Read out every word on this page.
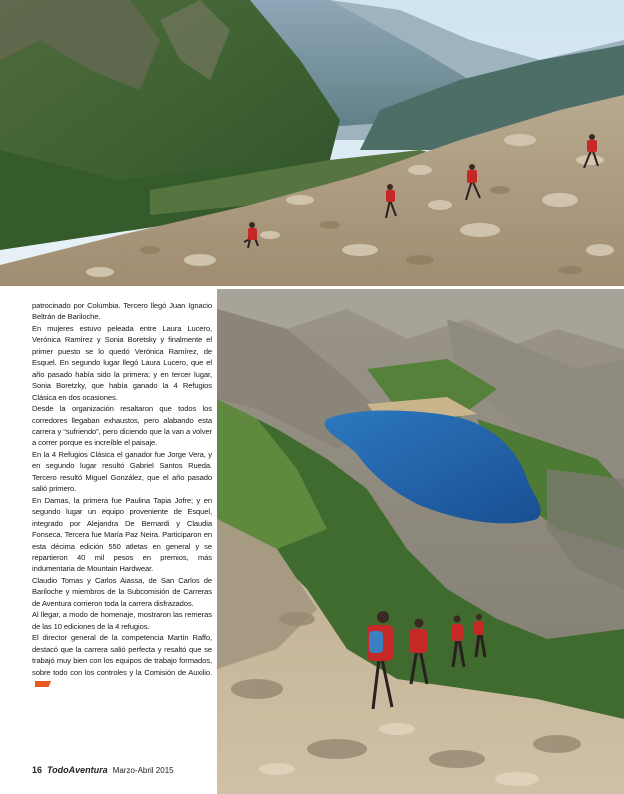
patrocinado por Columbia. Tercero llegó Juan Ignacio Beltrán de Bariloche.

En mujeres estuvo peleada entre Laura Lucero, Verónica Ramírez y Sonia Boretsky y finalmente el primer puesto se lo quedó Verónica Ramírez, de Esquel. En segundo lugar llegó Laura Lucero, que el año pasado había sido la primera; y en tercer lugar, Sonia Boretzky, que había ganado la 4 Refugios Clásica en dos ocasiones.

Desde la organización resaltaron que todos los corredores llegaban exhaustos, pero alabando esta carrera y “sufriendo”, pero diciendo que la van a volver a correr porque es increíble el paisaje.

En la 4 Refugios Clásica el ganador fue Jorge Vera, y en segundo lugar resultó Gabriel Santos Rueda. Tercero resultó Miguel González, que el año pasado salió primero.

En Damas, la primera fue Paulina Tapia Jofre; y en segundo lugar un equipo proveniente de Esquel, integrado por Alejandra De Bernardi y Claudia Fonseca. Tercera fue María Paz Neira. Participaron en esta décima edición 550 atletas en general y se repartieron 40 mil pesos en premios, más indumentaria de Mountain Hardwear.

Claudio Tomas y Carlos Aiassa, de San Carlos de Bariloche y miembros de la Subcomisión de Carreras de Aventura corrieron toda la carrera disfrazados.

Al llegar, a modo de homenaje, mostraron las remeras de las 10 ediciones de la 4 refugios.

El director general de la competencia Martín Raffo, destacó que la carrera salió perfecta y resaltó que se trabajó muy bien con los equipos de trabajo formados, sobre todo con los controles y la Comisión de Auxilio.

16 TodoAventura Marzo-Abril 2015
